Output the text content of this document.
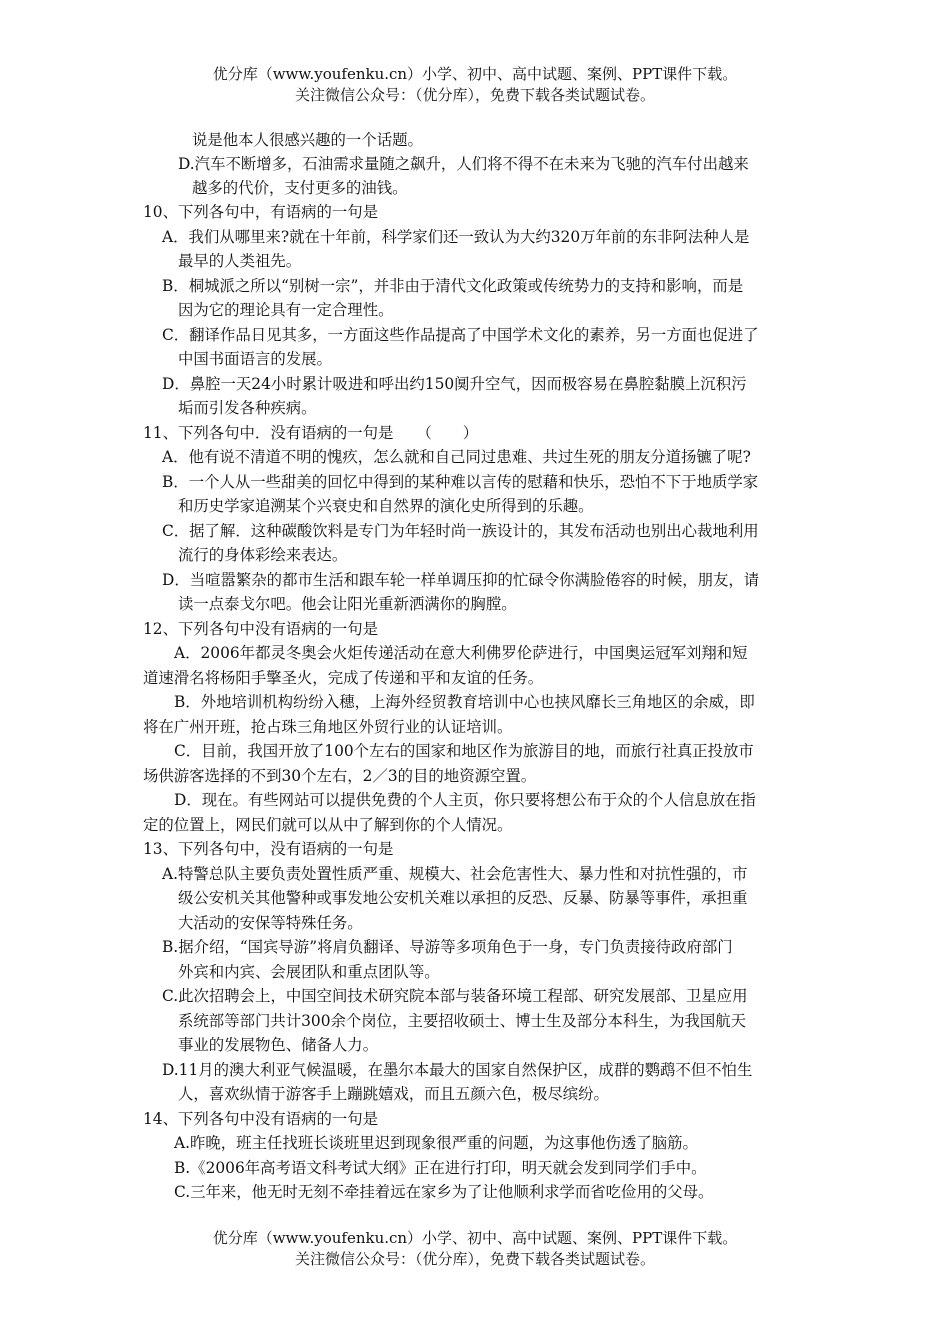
优分库（www.youfenku.cn）小学、初中、高中试题、案例、PPT课件下载。
关注微信公众号：（优分库），免费下载各类试题试卷。
说是他本人很感兴趣的一个话题。
D.汽车不断增多，石油需求量随之飙升，人们将不得不在未来为飞驰的汽车付出越来
越多的代价，支付更多的油钱。
10、下列各句中，有语病的一句是
A．我们从哪里来?就在十年前，科学家们还一致认为大约320万年前的东非阿法种人是
最早的人类祖先。
B．桐城派之所以“别树一宗”，并非由于清代文化政策或传统势力的支持和影响，而是
因为它的理论具有一定合理性。
C．翻译作品日见其多，一方面这些作品提高了中国学术文化的素养，另一方面也促进了
中国书面语言的发展。
D．鼻腔一天24小时累计吸进和呼出约150阒升空气，因而极容易在鼻腔黏膜上沉积污
垢而引发各种疾病。
11、下列各句中．没有语病的一句是　　（　　）
A．他有说不清道不明的愧疚，怎么就和自己同过患难、共过生死的朋友分道扬镳了呢?
B．一个人从一些甜美的回忆中得到的某种难以言传的慰藉和快乐，恐怕不下于地质学家
和历史学家追溯某个兴衰史和自然界的演化史所得到的乐趣。
C．据了解．这种碳酸饮料是专门为年轻时尚一族设计的，其发布活动也别出心裁地利用
流行的身体彩绘来表达。
D．当喧嚣繁杂的都市生活和跟车轮一样单调压抑的忙碌令你满脸倦容的时候，朋友，请
读一点泰戈尔吧。他会让阳光重新洒满你的胸膛。
12、下列各句中没有语病的一句是
A．2006年都灵冬奥会火炬传递活动在意大利佛罗伦萨进行，中国奥运冠军刘翔和短
道速滑名将杨阳手擎圣火，完成了传递和平和友谊的任务。
B．外地培训机构纷纷入穗，上海外经贸教育培训中心也挟风靡长三角地区的余威，即
将在广州开班，抢占珠三角地区外贸行业的认证培训。
C．目前，我国开放了100个左右的国家和地区作为旅游目的地，而旅行社真正投放市
场供游客选择的不到30个左右，2／3的目的地资源空置。
D．现在。有些网站可以提供免费的个人主页，你只要将想公布于众的个人信息放在指
定的位置上，网民们就可以从中了解到你的个人情况。
13、下列各句中，没有语病的一句是
A.特警总队主要负责处置性质严重、规模大、社会危害性大、暴力性和对抗性强的，市
级公安机关其他警种或事发地公安机关难以承担的反恐、反暴、防暴等事件，承担重
大活动的安保等特殊任务。
B.据介绍，“国宾导游”将肩负翻译、导游等多项角色于一身，专门负责接待政府部门
外宾和内宾、会展团队和重点团队等。
C.此次招聘会上，中国空间技术研究院本部与装备环境工程部、研究发展部、卫星应用
系统部等部门共计300余个岗位，主要招收硕士、博士生及部分本科生，为我国航天
事业的发展物色、储备人力。
D.11月的澳大利亚气候温暖，在墨尔本最大的国家自然保护区，成群的鹦鹉不但不怕生
人，喜欢纵情于游客手上蹦跳嬉戏，而且五颜六色，极尽缤纷。
14、下列各句中没有语病的一句是
A.昨晚，班主任找班长谈班里迟到现象很严重的问题，为这事他伤透了脑筋。
B.《2006年高考语文科考试大纲》正在进行打印，明天就会发到同学们手中。
C.三年来，他无时无刻不牵挂着远在家乡为了让他顺利求学而省吃俭用的父母。
优分库（www.youfenku.cn）小学、初中、高中试题、案例、PPT课件下载。
关注微信公众号：（优分库），免费下载各类试题试卷。
